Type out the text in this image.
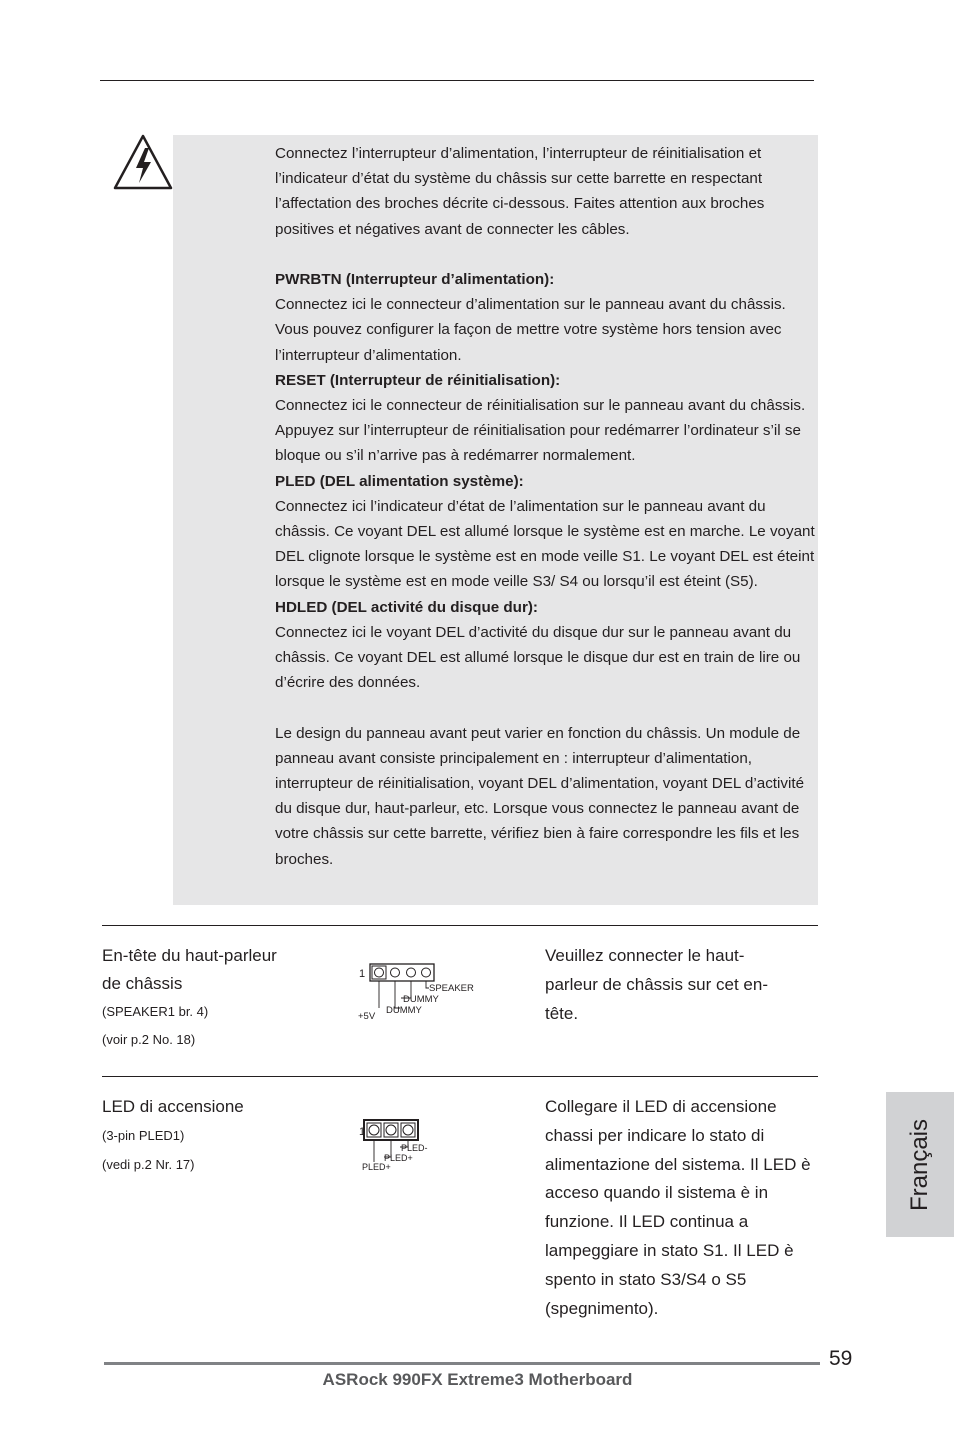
Connectez l’interrupteur d’alimentation, l’interrupteur de réinitialisation et l’indicateur d’état du système du châssis sur cette barrette en respectant l’affectation des broches décrite ci-dessous. Faites attention aux broches positives et négatives avant de connecter les câbles.

PWRBTN (Interrupteur d’alimentation):

Connectez ici le connecteur d’alimentation sur le panneau avant du châssis. Vous pouvez configurer la façon de mettre votre système hors tension avec l’interrupteur d’alimentation.

RESET (Interrupteur de réinitialisation):

Connectez ici le connecteur de réinitialisation sur le panneau avant du châssis. Appuyez sur l’interrupteur de réinitialisation pour redémarrer l’ordinateur s’il se bloque ou s’il n’arrive pas à redémarrer normalement.

PLED (DEL alimentation système):

Connectez ici l’indicateur d’état de l’alimentation sur le panneau avant du châssis. Ce voyant DEL est allumé lorsque le système est en marche. Le voyant DEL clignote lorsque le système est en mode veille S1. Le voyant DEL est éteint lorsque le système est en mode veille S3/ S4 ou lorsqu’il est éteint (S5).

HDLED (DEL activité du disque dur):

Connectez ici le voyant DEL d’activité du disque dur sur le panneau avant du châssis. Ce voyant DEL est allumé lorsque le disque dur est en train de lire ou d’écrire des données.

Le design du panneau avant peut varier en fonction du châssis. Un module de panneau avant consiste principalement en : interrupteur d’alimentation, interrupteur de réinitialisation, voyant DEL d’alimentation, voyant DEL d’activité du disque dur, haut-parleur, etc. Lorsque vous connectez le panneau avant de votre châssis sur cette barrette, vérifiez bien à faire correspondre les fils et les broches.

En-tête du haut-parleur
de châssis
(SPEAKER1 br. 4)
(voir p.2 No. 18)
1
SPEAKER
DUMMY
DUMMY
+5V
Veuillez connecter le haut-parleur de châssis sur cet en-tête.
LED di accensione
(3-pin PLED1)
(vedi p.2 Nr. 17)
1
PLED-
PLED+
PLED+
Collegare il LED di accensione chassi per indicare lo stato di alimentazione del sistema. Il LED è acceso quando il sistema è in funzione. Il LED continua a lampeggiare in stato S1. Il LED è spento in stato S3/S4 o S5 (spegnimento).
Français
59
ASRock 990FX Extreme3 Motherboard
